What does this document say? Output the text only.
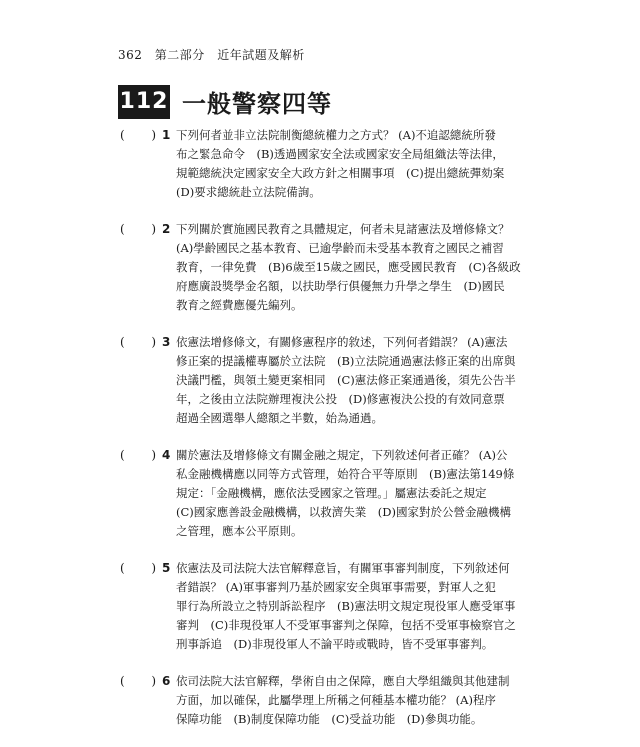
362 第二部分　近年試題及解析
112 一般警察四等
( ) 1 下列何者並非立法院制衡總統權力之方式？ (A)不追認總統所發
布之緊急命令　(B)透過國家安全法或國家安全局組織法等法律，
規範總統決定國家安全大政方針之相關事項　(C)提出總統彈劾案
(D)要求總統赴立法院備詢。
( ) 2 下列關於實施國民教育之具體規定，何者未見諸憲法及增修條文？
(A)學齡國民之基本教育、已逾學齡而未受基本教育之國民之補習
教育，一律免費　(B)6歲至15歲之國民，應受國民教育　(C)各級政
府應廣設獎學金名額，以扶助學行俱優無力升學之學生　(D)國民
教育之經費應優先編列。
( ) 3 依憲法增修條文，有關修憲程序的敘述，下列何者錯誤？ (A)憲法
修正案的提議權專屬於立法院　(B)立法院通過憲法修正案的出席與
決議門檻，與領土變更案相同　(C)憲法修正案通過後，須先公告半
年，之後由立法院辦理複決公投　(D)修憲複決公投的有效同意票
超過全國選舉人總額之半數，始為通過。
( ) 4 關於憲法及增修條文有關金融之規定，下列敘述何者正確？ (A)公
私金融機構應以同等方式管理，始符合平等原則　(B)憲法第149條
規定：「金融機構，應依法受國家之管理。」屬憲法委託之規定
(C)國家應善設金融機構，以救濟失業　(D)國家對於公營金融機構
之管理，應本公平原則。
( ) 5 依憲法及司法院大法官解釋意旨，有關軍事審判制度，下列敘述何
者錯誤？ (A)軍事審判乃基於國家安全與軍事需要，對軍人之犯
罪行為所設立之特別訴訟程序　(B)憲法明文規定現役軍人應受軍事
審判　(C)非現役軍人不受軍事審判之保障，包括不受軍事檢察官之
刑事訴追　(D)非現役軍人不論平時或戰時，皆不受軍事審判。
( ) 6 依司法院大法官解釋，學術自由之保障，應自大學組織與其他建制
方面，加以確保，此屬學理上所稱之何種基本權功能？ (A)程序
保障功能　(B)制度保障功能　(C)受益功能　(D)參與功能。
